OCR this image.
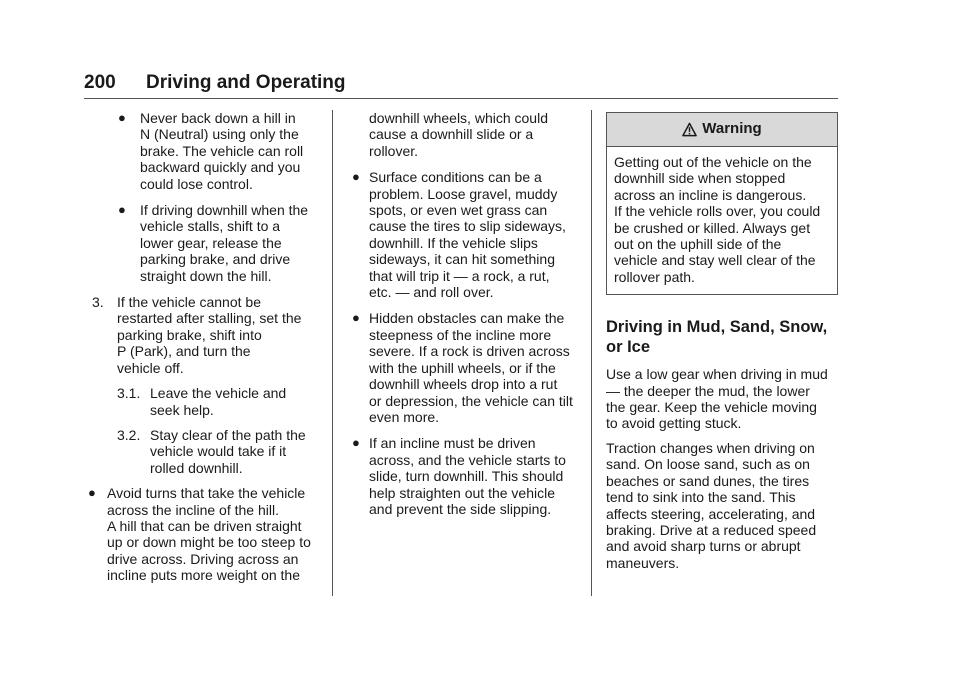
200 Driving and Operating
● Never back down a hill in
N (Neutral) using only the
brake. The vehicle can roll
backward quickly and you
could lose control.
● If driving downhill when the
vehicle stalls, shift to a
lower gear, release the
parking brake, and drive
straight down the hill.
3. If the vehicle cannot be
restarted after stalling, set the
parking brake, shift into
P (Park), and turn the
vehicle off.
3.1. Leave the vehicle and
seek help.
3.2. Stay clear of the path the
vehicle would take if it
rolled downhill.
● Avoid turns that take the vehicle
across the incline of the hill.
A hill that can be driven straight
up or down might be too steep to
drive across. Driving across an
incline puts more weight on the
downhill wheels, which could
cause a downhill slide or a
rollover.
● Surface conditions can be a
problem. Loose gravel, muddy
spots, or even wet grass can
cause the tires to slip sideways,
downhill. If the vehicle slips
sideways, it can hit something
that will trip it — a rock, a rut,
etc. — and roll over.
● Hidden obstacles can make the
steepness of the incline more
severe. If a rock is driven across
with the uphill wheels, or if the
downhill wheels drop into a rut
or depression, the vehicle can tilt
even more.
● If an incline must be driven
across, and the vehicle starts to
slide, turn downhill. This should
help straighten out the vehicle
and prevent the side slipping.
Warning
Getting out of the vehicle on the
downhill side when stopped
across an incline is dangerous.
If the vehicle rolls over, you could
be crushed or killed. Always get
out on the uphill side of the
vehicle and stay well clear of the
rollover path.
Driving in Mud, Sand, Snow,
or Ice
Use a low gear when driving in mud
— the deeper the mud, the lower
the gear. Keep the vehicle moving
to avoid getting stuck.
Traction changes when driving on
sand. On loose sand, such as on
beaches or sand dunes, the tires
tend to sink into the sand. This
affects steering, accelerating, and
braking. Drive at a reduced speed
and avoid sharp turns or abrupt
maneuvers.
